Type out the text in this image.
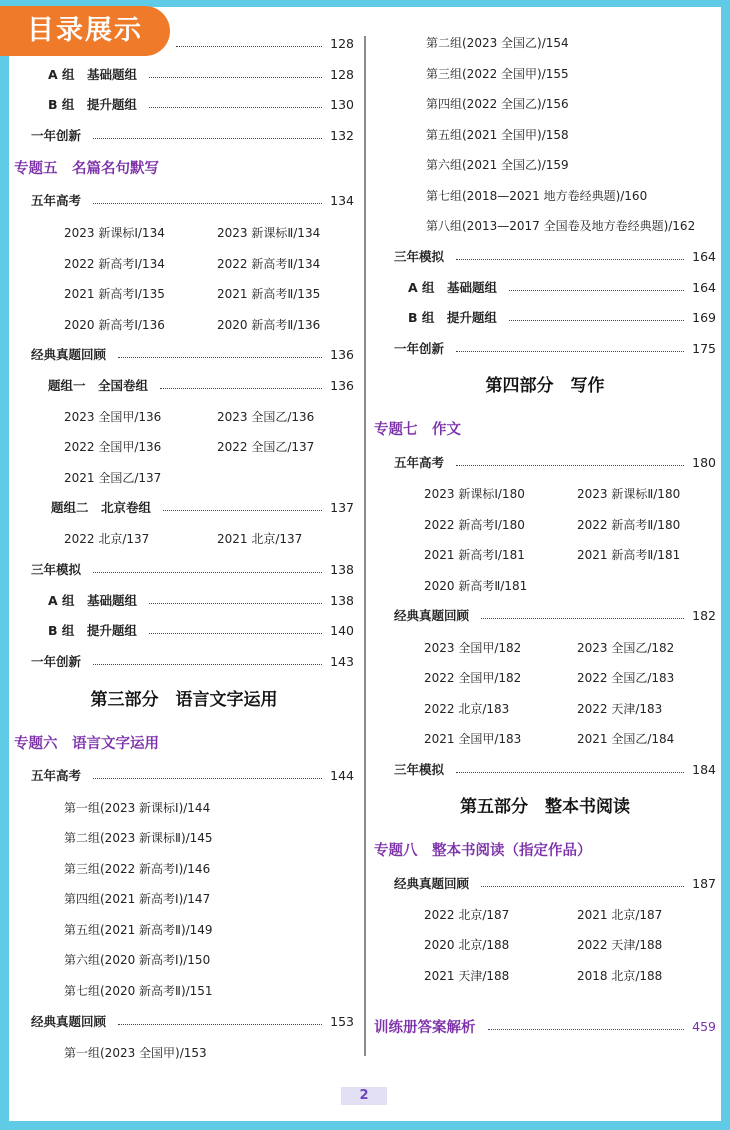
目录展示	128
A 组　基础题组	128
B 组　提升题组	130
一年创新	132
专题五　名篇名句默写
五年高考	134
2023 新课标Ⅰ/134	2023 新课标Ⅱ/134
2022 新高考Ⅰ/134	2022 新高考Ⅱ/134
2021 新高考Ⅰ/135	2021 新高考Ⅱ/135
2020 新高考Ⅰ/136	2020 新高考Ⅱ/136
经典真题回顾	136
题组一　全国卷组	136
2023 全国甲/136	2023 全国乙/136
2022 全国甲/136	2022 全国乙/137
2021 全国乙/137
题组二　北京卷组	137
2022 北京/137	2021 北京/137
三年模拟	138
A 组　基础题组	138
B 组　提升题组	140
一年创新	143
第三部分　语言文字运用
专题六　语言文字运用
五年高考	144
第一组(2023 新课标Ⅰ)/144
第二组(2023 新课标Ⅱ)/145
第三组(2022 新高考Ⅰ)/146
第四组(2021 新高考Ⅰ)/147
第五组(2021 新高考Ⅱ)/149
第六组(2020 新高考Ⅰ)/150
第七组(2020 新高考Ⅱ)/151
经典真题回顾	153
第一组(2023 全国甲)/153
第二组(2023 全国乙)/154
第三组(2022 全国甲)/155
第四组(2022 全国乙)/156
第五组(2021 全国甲)/158
第六组(2021 全国乙)/159
第七组(2018—2021 地方卷经典题)/160
第八组(2013—2017 全国卷及地方卷经典题)/162
三年模拟	164
A 组　基础题组	164
B 组　提升题组	169
一年创新	175
第四部分　写作
专题七　作文
五年高考	180
2023 新课标Ⅰ/180	2023 新课标Ⅱ/180
2022 新高考Ⅰ/180	2022 新高考Ⅱ/180
2021 新高考Ⅰ/181	2021 新高考Ⅱ/181
2020 新高考Ⅱ/181
经典真题回顾	182
2023 全国甲/182	2023 全国乙/182
2022 全国甲/182	2022 全国乙/183
2022 北京/183	2022 天津/183
2021 全国甲/183	2021 全国乙/184
三年模拟	184
第五部分　整本书阅读
专题八　整本书阅读（指定作品）
经典真题回顾	187
2022 北京/187	2021 北京/187
2020 北京/188	2022 天津/188
2021 天津/188	2018 北京/188
训练册答案解析	459
2
